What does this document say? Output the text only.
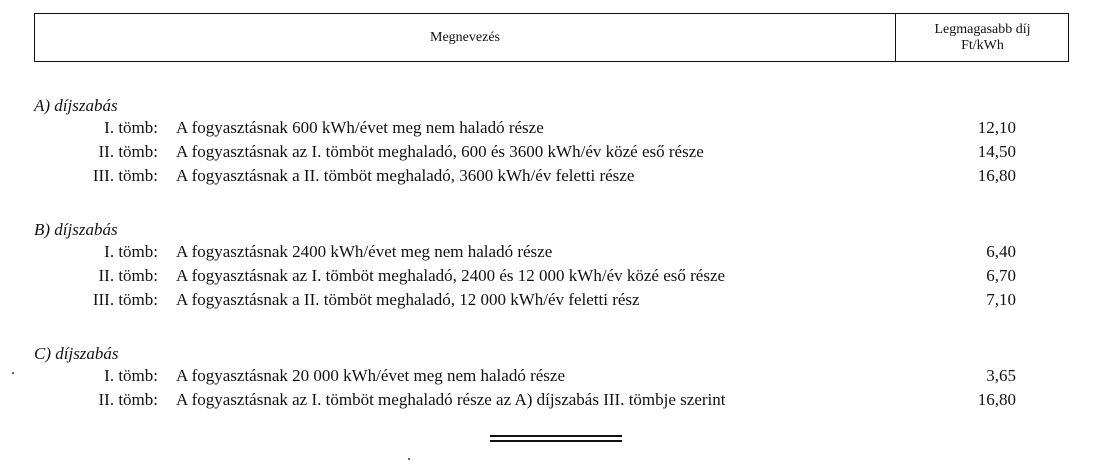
Megnevezés
Legmagasabb díj
Ft/kWh
A) díjszabás
I. tömb: A fogyasztásnak 600 kWh/évet meg nem haladó része	12,10
II. tömb: A fogyasztásnak az I. tömböt meghaladó, 600 és 3600 kWh/év közé eső része	14,50
III. tömb: A fogyasztásnak a II. tömböt meghaladó, 3600 kWh/év feletti része	16,80
B) díjszabás
I. tömb: A fogyasztásnak 2400 kWh/évet meg nem haladó része	6,40
II. tömb: A fogyasztásnak az I. tömböt meghaladó, 2400 és 12 000 kWh/év közé eső része	6,70
III. tömb: A fogyasztásnak a II. tömböt meghaladó, 12 000 kWh/év feletti rész	7,10
C) díjszabás
I. tömb: A fogyasztásnak 20 000 kWh/évet meg nem haladó része	3,65
II. tömb: A fogyasztásnak az I. tömböt meghaladó része az A) díjszabás III. tömbje szerint	16,80
